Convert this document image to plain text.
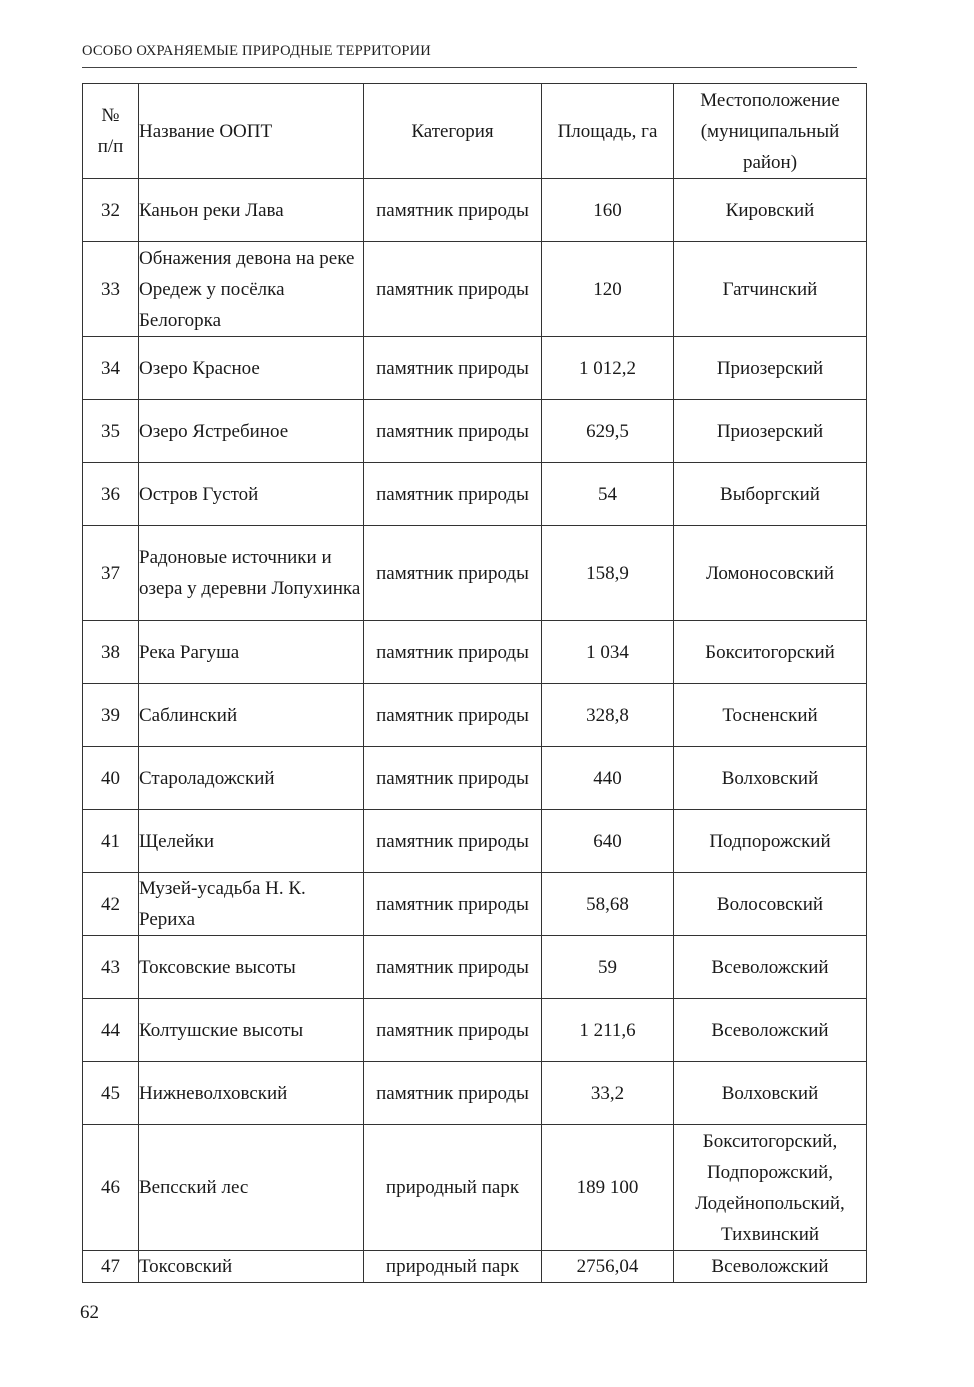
ОСОБО ОХРАНЯЕМЫЕ ПРИРОДНЫЕ ТЕРРИТОРИИ
№
п/п	Название ООПТ	Категория	Площадь, га	Местоположение
(муниципальный
район)

32	Каньон реки Лава	памятник природы	160	Кировский

33	Обнажения девона на реке Оредеж у посёлка Белогорка	памятник природы	120	Гатчинский

34	Озеро Красное	памятник природы	1 012,2	Приозерский

35	Озеро Ястребиное	памятник природы	629,5	Приозерский

36	Остров Густой	памятник природы	54	Выборгский

37	Радоновые источники и озера у деревни Лопухинка	памятник природы	158,9	Ломоносовский

38	Река Рагуша	памятник природы	1 034	Бокситогорский

39	Саблинский	памятник природы	328,8	Тосненский

40	Староладожский	памятник природы	440	Волховский

41	Щелейки	памятник природы	640	Подпорожский

42	Музей-усадьба Н. К. Рериха	памятник природы	58,68	Волосовский

43	Токсовские высоты	памятник природы	59	Всеволожский

44	Колтушские высоты	памятник природы	1 211,6	Всеволожский

45	Нижневолховский	памятник природы	33,2	Волховский

46	Вепсский лес	природный парк	189 100	Бокситогорский,
Подпорожский,
Лодейнопольский,
Тихвинский

47	Токсовский	природный парк	2756,04	Всеволожский
62
